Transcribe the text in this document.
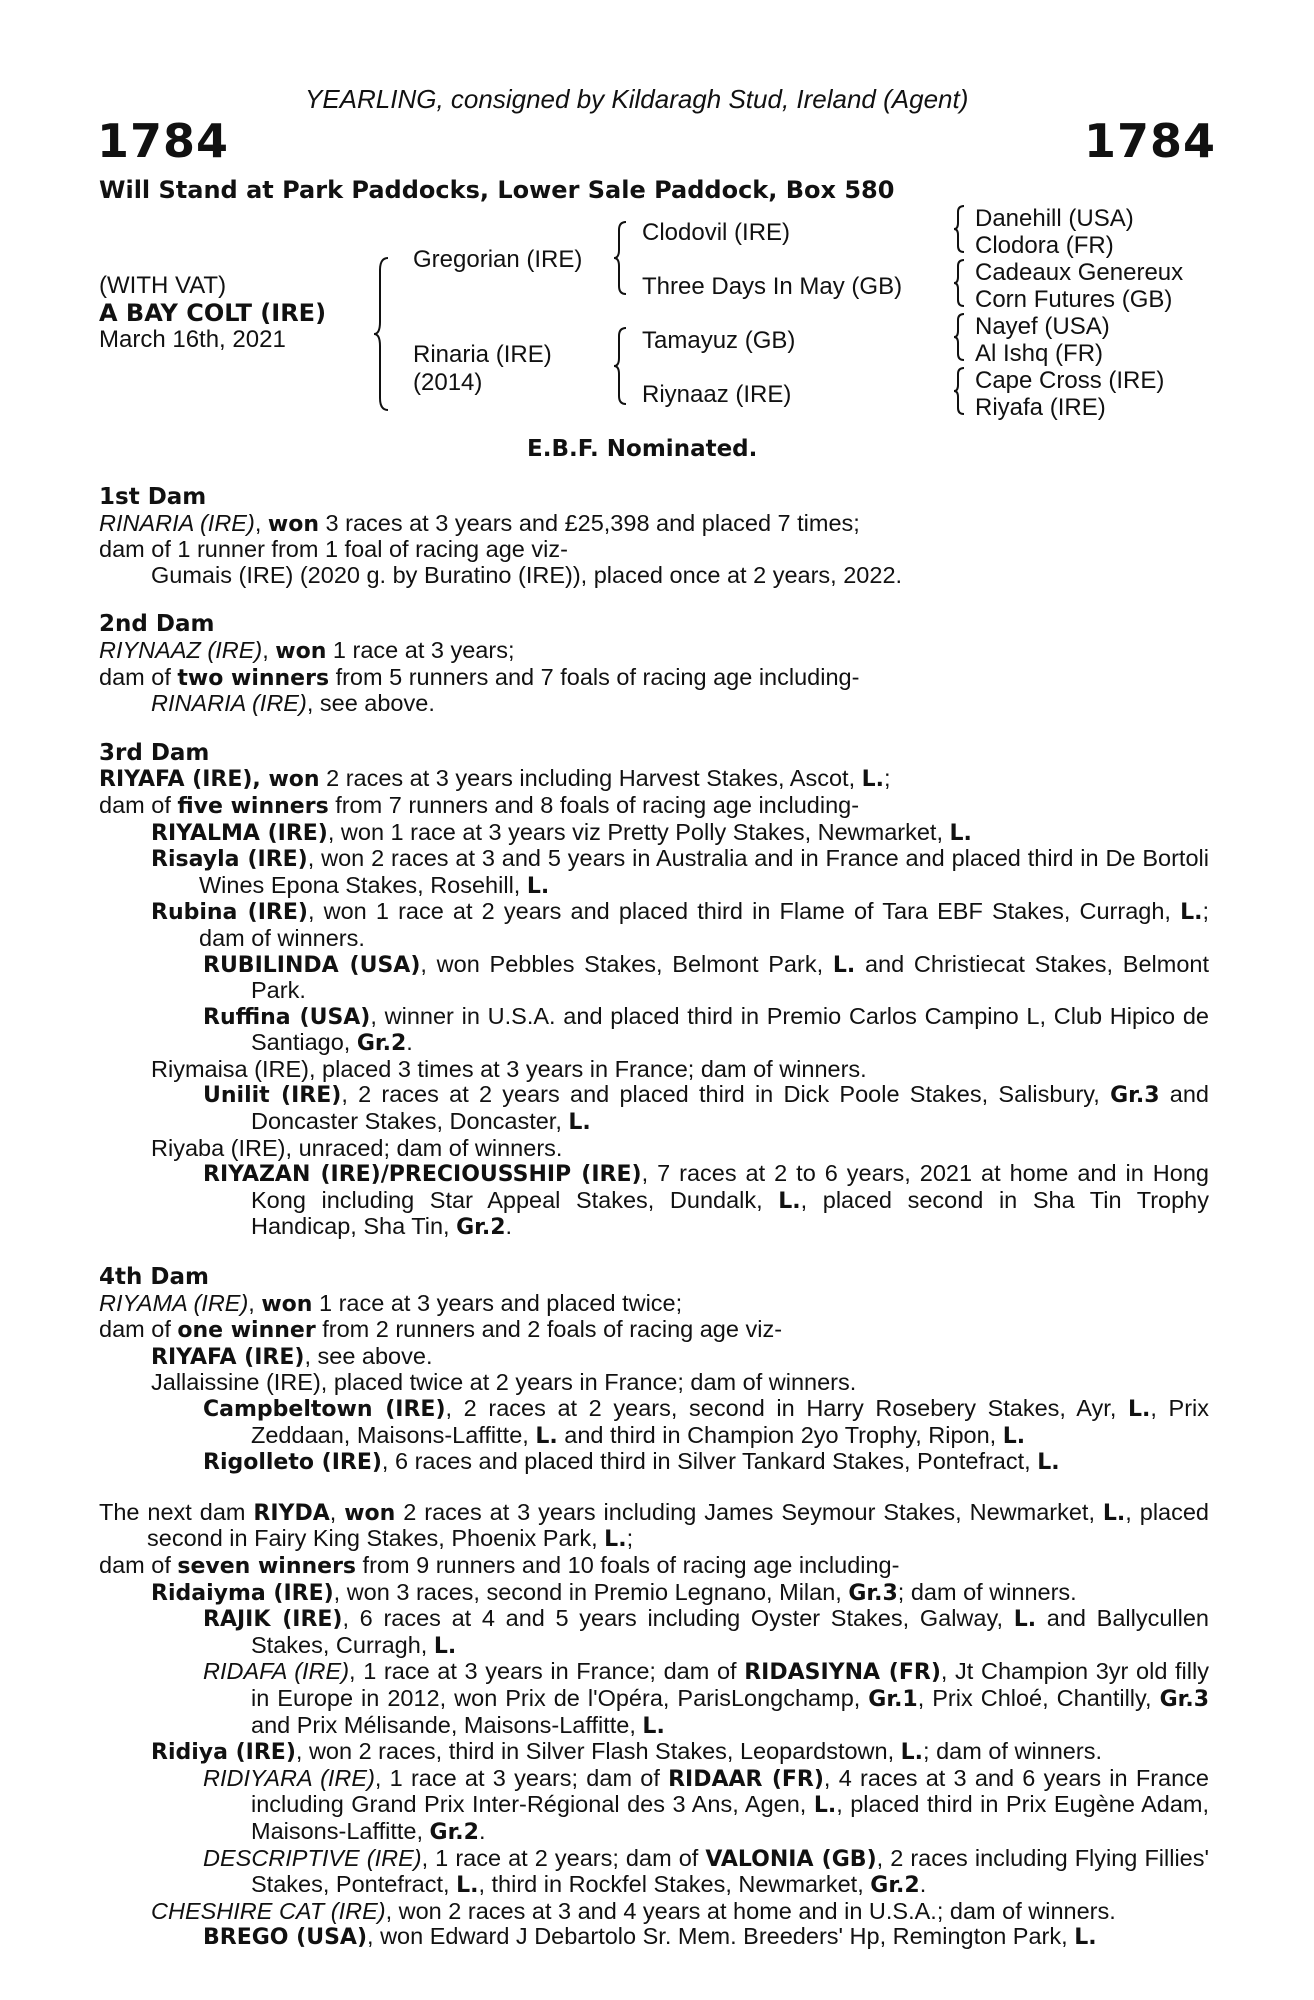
YEARLING, consigned by Kildaragh Stud, Ireland (Agent)
1784	1784
Will Stand at Park Paddocks, Lower Sale Paddock, Box 580
(WITH VAT)
A BAY COLT (IRE)
March 16th, 2021
Gregorian (IRE)
Rinaria (IRE)
(2014)
Clodovil (IRE)
Three Days In May (GB)
Tamayuz (GB)
Riynaaz (IRE)
Danehill (USA)
Clodora (FR)
Cadeaux Genereux
Corn Futures (GB)
Nayef (USA)
Al Ishq (FR)
Cape Cross (IRE)
Riyafa (IRE)
E.B.F. Nominated.
1st Dam
RINARIA (IRE), won 3 races at 3 years and £25,398 and placed 7 times;
dam of 1 runner from 1 foal of racing age viz-
Gumais (IRE) (2020 g. by Buratino (IRE)), placed once at 2 years, 2022.
2nd Dam
RIYNAAZ (IRE), won 1 race at 3 years;
dam of two winners from 5 runners and 7 foals of racing age including-
RINARIA (IRE), see above.
3rd Dam
RIYAFA (IRE), won 2 races at 3 years including Harvest Stakes, Ascot, L.;
dam of five winners from 7 runners and 8 foals of racing age including-
RIYALMA (IRE), won 1 race at 3 years viz Pretty Polly Stakes, Newmarket, L.
Risayla (IRE), won 2 races at 3 and 5 years in Australia and in France and placed third in De Bortoli Wines Epona Stakes, Rosehill, L.
Rubina (IRE), won 1 race at 2 years and placed third in Flame of Tara EBF Stakes, Curragh, L.; dam of winners.
RUBILINDA (USA), won Pebbles Stakes, Belmont Park, L. and Christiecat Stakes, Belmont Park.
Ruffina (USA), winner in U.S.A. and placed third in Premio Carlos Campino L, Club Hipico de Santiago, Gr.2.
Riymaisa (IRE), placed 3 times at 3 years in France; dam of winners.
Unilit (IRE), 2 races at 2 years and placed third in Dick Poole Stakes, Salisbury, Gr.3 and Doncaster Stakes, Doncaster, L.
Riyaba (IRE), unraced; dam of winners.
RIYAZAN (IRE)/PRECIOUSSHIP (IRE), 7 races at 2 to 6 years, 2021 at home and in Hong Kong including Star Appeal Stakes, Dundalk, L., placed second in Sha Tin Trophy Handicap, Sha Tin, Gr.2.
4th Dam
RIYAMA (IRE), won 1 race at 3 years and placed twice;
dam of one winner from 2 runners and 2 foals of racing age viz-
RIYAFA (IRE), see above.
Jallaissine (IRE), placed twice at 2 years in France; dam of winners.
Campbeltown (IRE), 2 races at 2 years, second in Harry Rosebery Stakes, Ayr, L., Prix Zeddaan, Maisons-Laffitte, L. and third in Champion 2yo Trophy, Ripon, L.
Rigolleto (IRE), 6 races and placed third in Silver Tankard Stakes, Pontefract, L.
The next dam RIYDA, won 2 races at 3 years including James Seymour Stakes, Newmarket, L., placed second in Fairy King Stakes, Phoenix Park, L.;
dam of seven winners from 9 runners and 10 foals of racing age including-
Ridaiyma (IRE), won 3 races, second in Premio Legnano, Milan, Gr.3; dam of winners.
RAJIK (IRE), 6 races at 4 and 5 years including Oyster Stakes, Galway, L. and Ballycullen Stakes, Curragh, L.
RIDAFA (IRE), 1 race at 3 years in France; dam of RIDASIYNA (FR), Jt Champion 3yr old filly in Europe in 2012, won Prix de l'Opéra, ParisLongchamp, Gr.1, Prix Chloé, Chantilly, Gr.3 and Prix Mélisande, Maisons-Laffitte, L.
Ridiya (IRE), won 2 races, third in Silver Flash Stakes, Leopardstown, L.; dam of winners.
RIDIYARA (IRE), 1 race at 3 years; dam of RIDAAR (FR), 4 races at 3 and 6 years in France including Grand Prix Inter-Régional des 3 Ans, Agen, L., placed third in Prix Eugène Adam, Maisons-Laffitte, Gr.2.
DESCRIPTIVE (IRE), 1 race at 2 years; dam of VALONIA (GB), 2 races including Flying Fillies' Stakes, Pontefract, L., third in Rockfel Stakes, Newmarket, Gr.2.
CHESHIRE CAT (IRE), won 2 races at 3 and 4 years at home and in U.S.A.; dam of winners.
BREGO (USA), won Edward J Debartolo Sr. Mem. Breeders' Hp, Remington Park, L.
